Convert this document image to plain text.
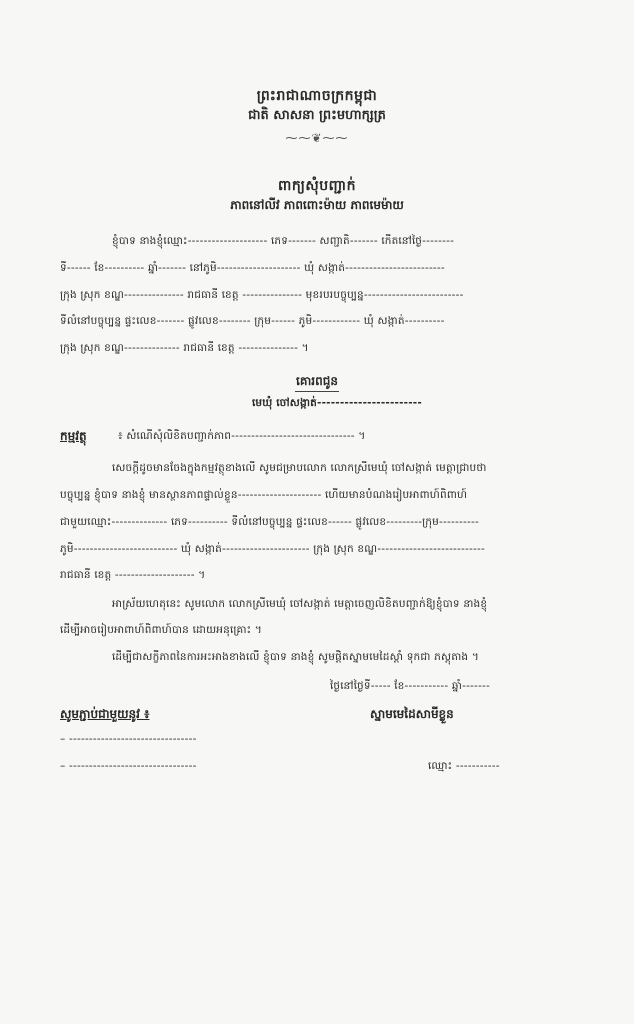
ព្រះរាជាណាចក្រកម្ពុជា
ជាតិ សាសនា ព្រះមហាក្សត្រ
⁓⁓❦⁓⁓
ពាក្យសុំបញ្ជាក់
ភាពនៅលីវ ភាពពោះម៉ាយ ភាពមេម៉ាយ
ខ្ញុំបាទ នាងខ្ញុំឈ្មោះ-------------------- ភេទ------- សញ្ជាតិ------- កើតនៅថ្ងៃ--------
ទី------ ខែ---------- ឆ្នាំ------- នៅភូមិ--------------------- ឃុំ សង្កាត់-------------------------
ក្រុង ស្រុក ខណ្ឌ--------------- រាជធានី ខេត្ត --------------- មុខរបរបច្ចុប្បន្ន-------------------------
ទីលំនៅបច្ចុប្បន្ន ផ្ទះលេខ------- ផ្លូវលេខ-------- ក្រុម------ ភូមិ------------ ឃុំ សង្កាត់----------
ក្រុង ស្រុក ខណ្ឌ-------------- រាជធានី ខេត្ត --------------- ។
គោរពជូន
មេឃុំ ចៅសង្កាត់-----------------------
កម្មវត្ថុ	៖ សំណើសុំលិខិតបញ្ជាក់ភាព------------------------------- ។
សេចក្តីដូចមានចែងក្នុងកម្មវត្ថុខាងលើ សូមជម្រាបលោក លោកស្រីមេឃុំ ចៅសង្កាត់ មេត្តាជ្រាបថា
បច្ចុប្បន្ន ខ្ញុំបាទ នាងខ្ញុំ មានស្ថានភាពផ្ទាល់ខ្លួន--------------------- ហើយមានបំណងរៀបអាពាហ៍ពិពាហ៍
ជាមួយឈ្មោះ-------------- ភេទ---------- ទីលំនៅបច្ចុប្បន្ន ផ្ទះលេខ------ ផ្លូវលេខ---------ក្រុម----------
ភូមិ-------------------------- ឃុំ សង្កាត់---------------------- ក្រុង ស្រុក ខណ្ឌ---------------------------
រាជធានី ខេត្ត -------------------- ។
អាស្រ័យហេតុនេះ សូមលោក លោកស្រីមេឃុំ ចៅសង្កាត់ មេត្តាចេញលិខិតបញ្ជាក់ឱ្យខ្ញុំបាទ នាងខ្ញុំ
ដើម្បីអាចរៀបអាពាហ៍ពិពាហ៍បាន ដោយអនុគ្រោះ ។
ដើម្បីជាសក្ខីភាពនៃការអះអាងខាងលើ ខ្ញុំបាទ នាងខ្ញុំ សូមផ្តិតស្នាមមេដៃស្តាំ ទុកជា ភស្តុតាង ។
ថ្ងៃនៅថ្ងៃទី----- ខែ----------- ឆ្នាំ-------
សូមភ្ជាប់ជាមួយនូវ ៖
– --------------------------------
– --------------------------------
ស្នាមមេដៃសាមីខ្លួន
ឈ្មោះ -----------
